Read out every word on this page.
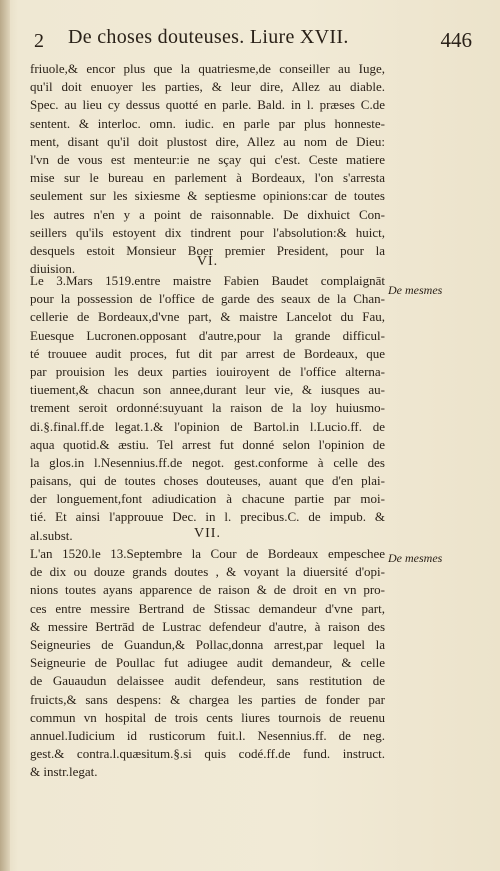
2 De choses douteuses. Liure XVII.	446
friuole,& encor plus que la quatriesme,de conseiller au Iuge,
qu'il doit enuoyer les parties, & leur dire, Allez au diable.
Spec. au lieu cy dessus quotté en parle. Bald. in l. præses C.de
sentent. & interloc. omn. iudic. en parle par plus honneste-
ment, disant qu'il doit plustost dire, Allez au nom de Dieu:
l'vn de vous est menteur:ie ne sçay qui c'est. Ceste matiere
mise sur le bureau en parlement à Bordeaux, l'on s'arresta
seulement sur les sixiesme & septiesme opinions:car de toutes
les autres n'en y a point de raisonnable. De dixhuict Con-
seillers qu'ils estoyent dix tindrent pour l'absolution:& huict,
desquels estoit Monsieur Boer premier President, pour la
diuision.	VI.
Le 3.Mars 1519.entre maistre Fabien Baudet complaignāt
pour la possession de l'office de garde des seaux de la Chan-
cellerie de Bordeaux,d'vne part, & maistre Lancelot du Fau,
Euesque Lucronen.opposant d'autre,pour la grande difficul-
té trouuee audit proces, fut dit par arrest de Bordeaux, que
par prouision les deux parties iouiroyent de l'office alterna-
tiuement,& chacun son annee,durant leur vie, & iusques au-
trement seroit ordonné:suyuant la raison de la loy huiusmo-
di.§.final.ff.de legat.1.& l'opinion de Bartol.in l.Lucio.ff. de
aqua quotid.& æstiu. Tel arrest fut donné selon l'opinion de
la glos.in l.Nesennius.ff.de negot. gest.conforme à celle des
paisans, qui de toutes choses douteuses, auant que d'en plai-
der longuement,font adiudication à chacune partie par moi-
tié. Et ainsi l'approuue Dec. in l. precibus.C. de impub. &
al.subst.
De mesmes
VII.
L'an 1520.le 13.Septembre la Cour de Bordeaux empeschee
de dix ou douze grands doutes , & voyant la diuersité d'opi-
nions toutes ayans apparence de raison & de droit en vn pro-
ces entre messire Bertrand de Stissac demandeur d'vne part,
& messire Bertrād de Lustrac defendeur d'autre, à raison des
Seigneuries de Guandun,& Pollac,donna arrest,par lequel la
Seigneurie de Poullac fut adiugee audit demandeur, & celle
de Gauaudun delaissee audit defendeur, sans restitution de
fruicts,& sans despens: & chargea les parties de fonder par
commun vn hospital de trois cents liures tournois de reuenu
annuel.Iudicium id rusticorum fuit.l. Nesennius.ff. de neg.
gest.& contra.l.quæsitum.§.si quis codé.ff.de fund. instruct.
& instr.legat.
De mesmes
